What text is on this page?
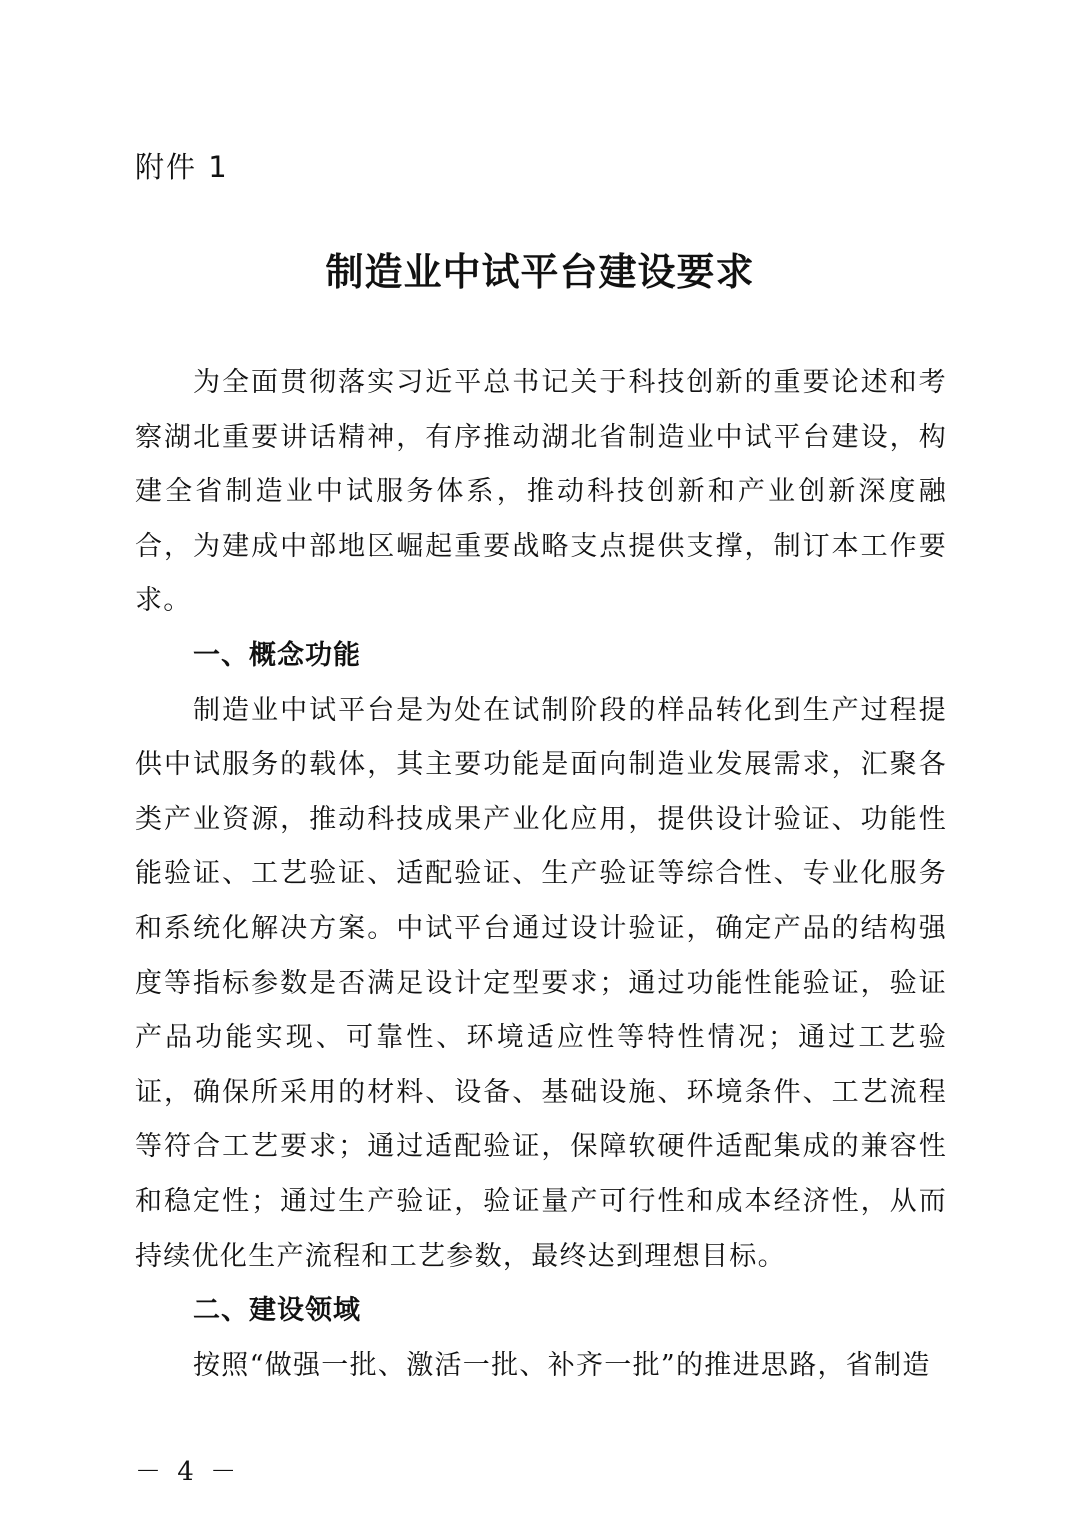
附件 1
制造业中试平台建设要求

为全面贯彻落实习近平总书记关于科技创新的重要论述和考察湖北重要讲话精神，有序推动湖北省制造业中试平台建设，构建全省制造业中试服务体系，推动科技创新和产业创新深度融合，为建成中部地区崛起重要战略支点提供支撑，制订本工作要求。

一、概念功能

制造业中试平台是为处在试制阶段的样品转化到生产过程提供中试服务的载体，其主要功能是面向制造业发展需求，汇聚各类产业资源，推动科技成果产业化应用，提供设计验证、功能性能验证、工艺验证、适配验证、生产验证等综合性、专业化服务和系统化解决方案。中试平台通过设计验证，确定产品的结构强度等指标参数是否满足设计定型要求；通过功能性能验证，验证产品功能实现、可靠性、环境适应性等特性情况；通过工艺验证，确保所采用的材料、设备、基础设施、环境条件、工艺流程等符合工艺要求；通过适配验证，保障软硬件适配集成的兼容性和稳定性；通过生产验证，验证量产可行性和成本经济性，从而持续优化生产流程和工艺参数，最终达到理想目标。

二、建设领域

按照“做强一批、激活一批、补齐一批”的推进思路，省制造

－ 4 －
